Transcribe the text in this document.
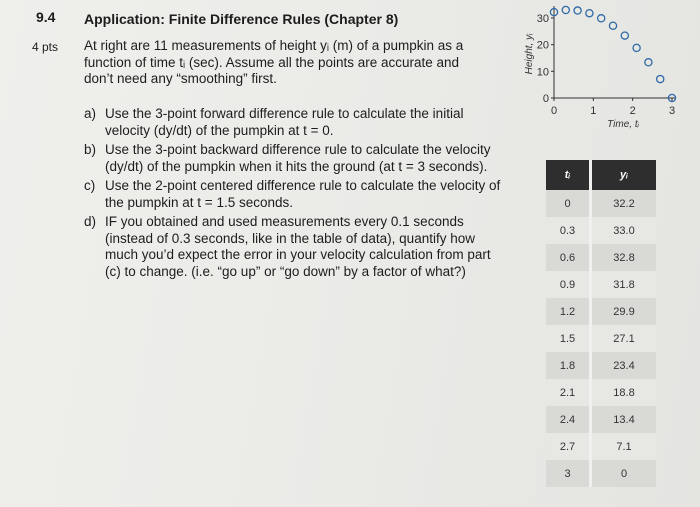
9.4
4 pts
Application: Finite Difference Rules (Chapter 8)
At right are 11 measurements of height yᵢ (m) of a pumpkin as a function of time tᵢ (sec). Assume all the points are accurate and don’t need any “smoothing” first.
a) Use the 3-point forward difference rule to calculate the initial velocity (dy/dt) of the pumpkin at t = 0.
b) Use the 3-point backward difference rule to calculate the velocity (dy/dt) of the pumpkin when it hits the ground (at t = 3 seconds).
c) Use the 2-point centered difference rule to calculate the velocity of the pumpkin at t = 1.5 seconds.
d) IF you obtained and used measurements every 0.1 seconds (instead of 0.3 seconds, like in the table of data), quantify how much you’d expect the error in your velocity calculation from part (c) to change. (i.e. “go up” or “go down” by a factor of what?)
0
10
20
30
0	1	2	3
Time, tᵢ
Height, yᵢ
tᵢ	yᵢ
0	32.2
0.3	33.0
0.6	32.8
0.9	31.8
1.2	29.9
1.5	27.1
1.8	23.4
2.1	18.8
2.4	13.4
2.7	7.1
3	0
